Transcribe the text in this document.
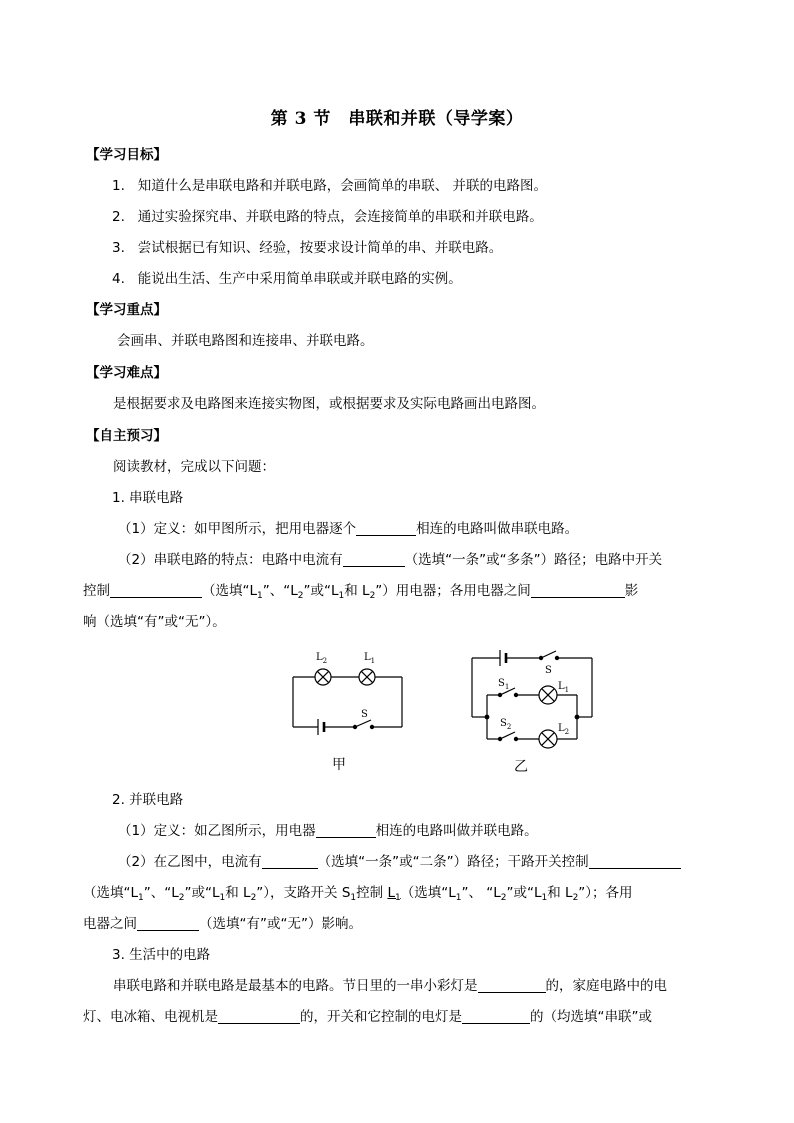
第 3 节　串联和并联（导学案）
【学习目标】
1. 知道什么是串联电路和并联电路，会画简单的串联、 并联的电路图。
2. 通过实验探究串、并联电路的特点，会连接简单的串联和并联电路。
3. 尝试根据已有知识、经验，按要求设计简单的串、并联电路。
4. 能说出生活、生产中采用简单串联或并联电路的实例。
【学习重点】
会画串、并联电路图和连接串、并联电路。
【学习难点】
是根据要求及电路图来连接实物图，或根据要求及实际电路画出电路图。
【自主预习】
阅读教材，完成以下问题：
1. 串联电路
（1）定义：如甲图所示，把用电器逐个	相连的电路叫做串联电路。
（2）串联电路的特点：电路中电流有	（选填“一条”或“多条”）路径；电路中开关
控制	（选填“$L_1$”、“$L_2$”或“$L_1$和 $L_2$”）用电器；各用电器之间	影
响（选填“有”或“无”）。
$L_2$	$L_1$
S
甲
S
$S_1$	$L_1$
$S_2$	$L_2$
乙
2. 并联电路
（1）定义：如乙图所示，用电器	相连的电路叫做并联电路。
（2）在乙图中，电流有	（选填“一条”或“二条”）路径；干路开关控制
（选填“$L_1$”、“$L_2$”或“$L_1$和 $L_2$”），支路开关 $S_1$控制 $L_1$（选填“$L_1$”、 “$L_2$”或“$L_1$和 $L_2$”）；各用
电器之间	（选填“有”或“无”）影响。
3. 生活中的电路
串联电路和并联电路是最基本的电路。节日里的一串小彩灯是	的，家庭电路中的电
灯、电冰箱、电视机是	的，开关和它控制的电灯是	的（均选填“串联”或
